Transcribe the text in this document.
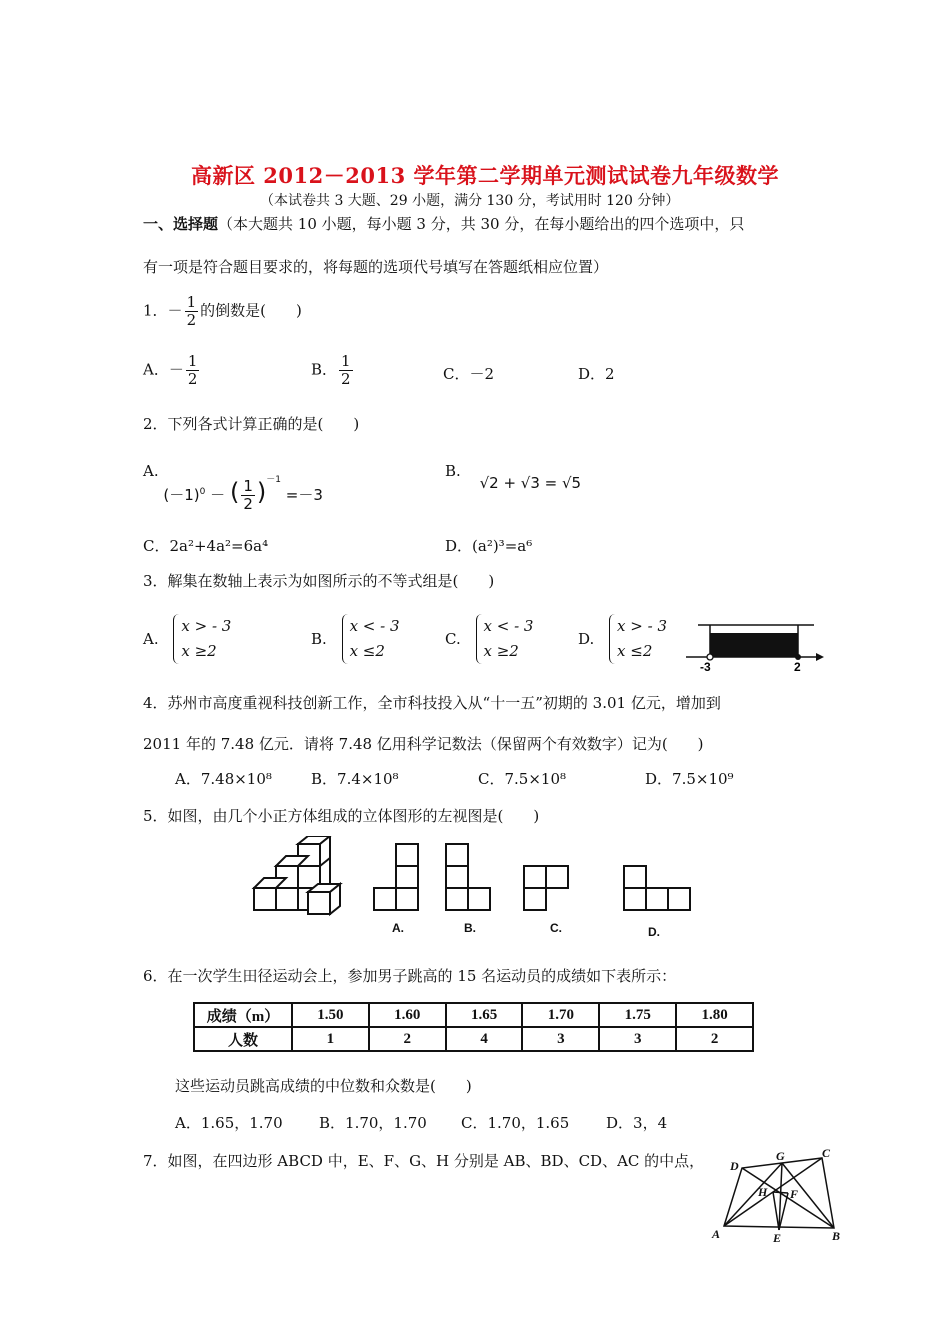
高新区 2012－2013 学年第二学期单元测试试卷九年级数学
（本试卷共 3 大题、29 小题，满分 130 分，考试用时 120 分钟）
一、选择题（本大题共 10 小题，每小题 3 分，共 30 分，在每小题给出的四个选项中，只
有一项是符合题目要求的，将每题的选项代号填写在答题纸相应位置）
1．－ $\frac{1}{2}$ 的倒数是(　　)
A．－ $\frac{1}{2}$	B． $\frac{1}{2}$	C．－2	D．2
2．下列各式计算正确的是(　　)
A. $(-1)^0$ － ( $\frac{1}{2} )^{-1} =-3$
B. √2 + √3 = √5
C．2a²+4a²=6a⁴	D．(a²)³=a⁶
3．解集在数轴上表示为如图所示的不等式组是(　　)
A. x > - 3
x ≥2
B. x < - 3
x ≤2
C. x < - 3
x ≥2
D. x > - 3
x ≤2
-3	2
4．苏州市高度重视科技创新工作，全市科技投入从“十一五”初期的 3.01 亿元，增加到
2011 年的 7.48 亿元．请将 7.48 亿用科学记数法（保留两个有效数字）记为(　　)
A．7.48×10⁸	B．7.4×10⁸	C．7.5×10⁸	D．7.5×10⁹
5．如图，由几个小正方体组成的立体图形的左视图是(　　)
A.	B.	C.	D.
6．在一次学生田径运动会上，参加男子跳高的 15 名运动员的成绩如下表所示：
成绩（m）	1.50	1.60	1.65	1.70	1.75	1.80
人数	1	2	4	3	3	2
这些运动员跳高成绩的中位数和众数是(　　)
A．1.65，1.70 B．1.70，1.70 C．1.70，1.65 D．3，4
7．如图，在四边形 ABCD 中，E、F、G、H 分别是 AB、BD、CD、AC 的中点，
A	B
C
D
E
F
G
H
